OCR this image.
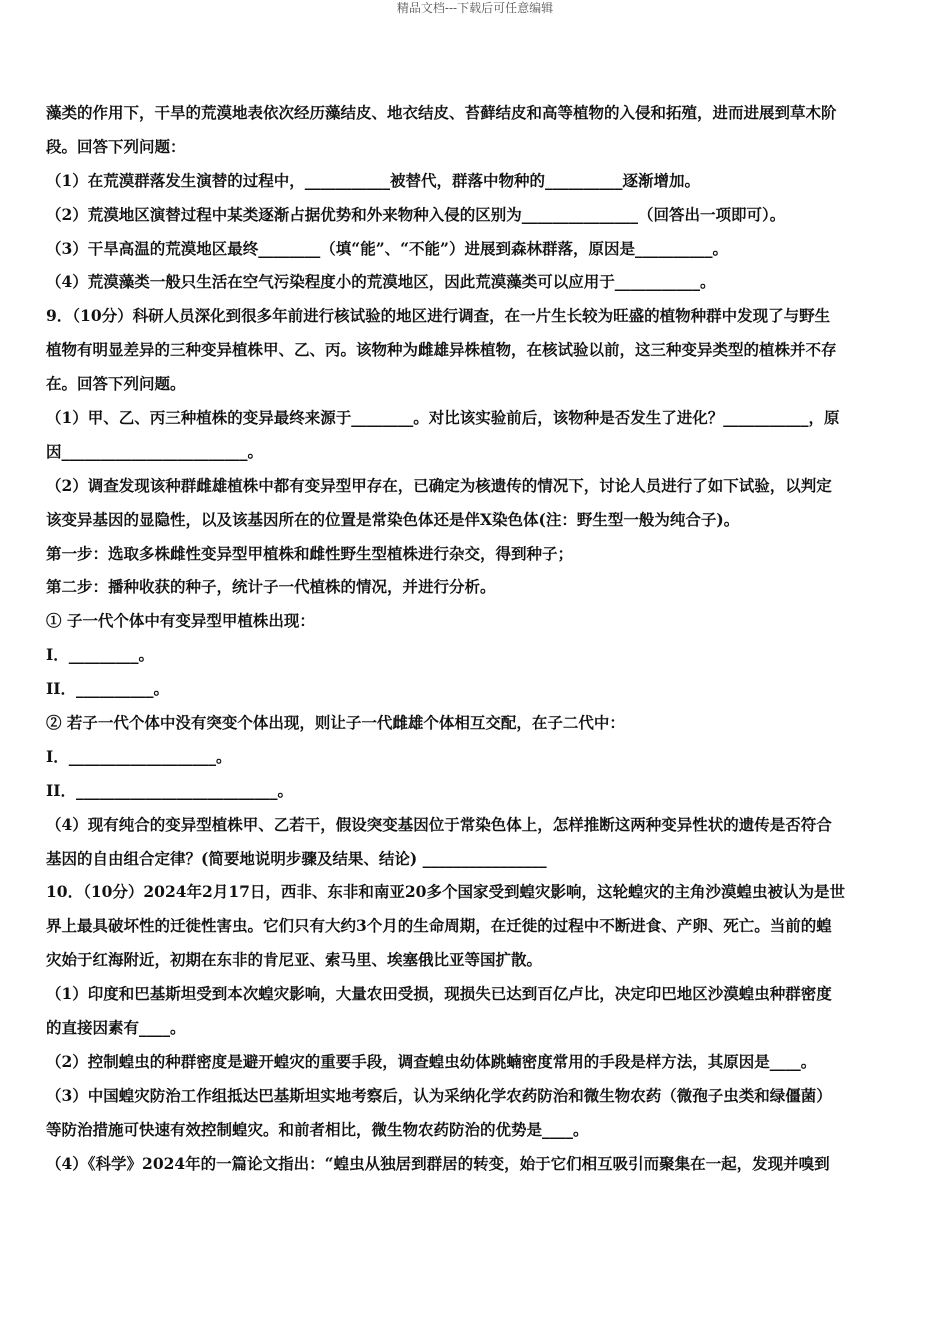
精品文档---下载后可任意编辑
藻类的作用下，干旱的荒漠地表依次经历藻结皮、地衣结皮、苔藓结皮和高等植物的入侵和拓殖，进而进展到草木阶
段。回答下列问题：
（1）在荒漠群落发生演替的过程中，___________被替代，群落中物种的__________逐渐增加。
（2）荒漠地区演替过程中某类逐渐占据优势和外来物种入侵的区别为_______________（回答出一项即可）。
（3）干旱高温的荒漠地区最终________（填“能”、“不能”）进展到森林群落，原因是__________。
（4）荒漠藻类一般只生活在空气污染程度小的荒漠地区，因此荒漠藻类可以应用于___________。
9．（10分）科研人员深化到很多年前进行核试验的地区进行调查，在一片生长较为旺盛的植物种群中发现了与野生
植物有明显差异的三种变异植株甲、乙、丙。该物种为雌雄异株植物，在核试验以前，这三种变异类型的植株并不存
在。回答下列问题。
（1）甲、乙、丙三种植株的变异最终来源于________。对比该实验前后，该物种是否发生了进化？___________，原
因________________________。
（2）调查发现该种群雌雄植株中都有变异型甲存在，已确定为核遗传的情况下，讨论人员进行了如下试验，以判定
该变异基因的显隐性，以及该基因所在的位置是常染色体还是伴X染色体(注：野生型一般为纯合子)。
第一步：选取多株雌性变异型甲植株和雌性野生型植株进行杂交，得到种子；
第二步：播种收获的种子，统计子一代植株的情况，并进行分析。
① 子一代个体中有变异型甲植株出现：
I．_________。
II．__________。
② 若子一代个体中没有突变个体出现，则让子一代雌雄个体相互交配，在子二代中：
I．___________________。
II．__________________________。
（4）现有纯合的变异型植株甲、乙若干，假设突变基因位于常染色体上，怎样推断这两种变异性状的遗传是否符合
基因的自由组合定律？(简要地说明步骤及结果、结论) ________________
10．（10分）2024年2月17日，西非、东非和南亚20多个国家受到蝗灾影响，这轮蝗灾的主角沙漠蝗虫被认为是世
界上最具破坏性的迁徙性害虫。它们只有大约3个月的生命周期，在迁徙的过程中不断进食、产卵、死亡。当前的蝗
灾始于红海附近，初期在东非的肯尼亚、索马里、埃塞俄比亚等国扩散。
（1）印度和巴基斯坦受到本次蝗灾影响，大量农田受损，现损失已达到百亿卢比，决定印巴地区沙漠蝗虫种群密度
的直接因素有____。
（2）控制蝗虫的种群密度是避开蝗灾的重要手段，调查蝗虫幼体跳蝻密度常用的手段是样方法，其原因是____。
（3）中国蝗灾防治工作组抵达巴基斯坦实地考察后，认为采纳化学农药防治和微生物农药（微孢子虫类和绿僵菌）
等防治措施可快速有效控制蝗灾。和前者相比，微生物农药防治的优势是____。
（4）《科学》2024年的一篇论文指出：“蝗虫从独居到群居的转变，始于它们相互吸引而聚集在一起，发现并嗅到
